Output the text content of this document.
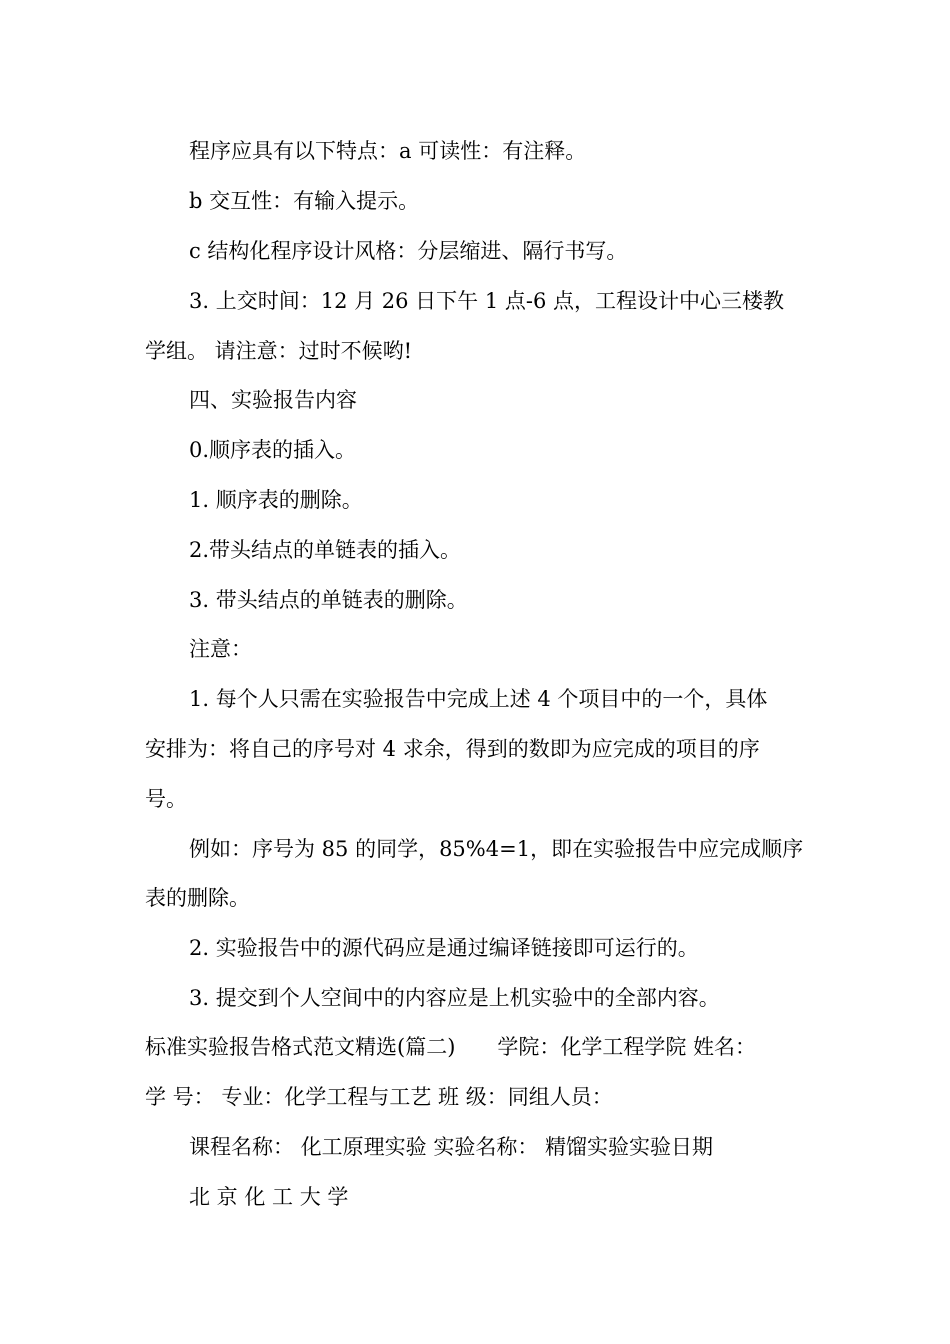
程序应具有以下特点：a 可读性：有注释。
b 交互性：有输入提示。
c 结构化程序设计风格：分层缩进、隔行书写。
3. 上交时间：12 月 26 日下午 1 点-6 点，工程设计中心三楼教
学组。 请注意：过时不候哟!
四、实验报告内容
0.顺序表的插入。
1. 顺序表的删除。
2.带头结点的单链表的插入。
3. 带头结点的单链表的删除。
注意：
1. 每个人只需在实验报告中完成上述 4 个项目中的一个，具体
安排为：将自己的序号对 4 求余，得到的数即为应完成的项目的序
号。
例如：序号为 85 的同学，85%4=1，即在实验报告中应完成顺序
表的删除。
2. 实验报告中的源代码应是通过编译链接即可运行的。
3. 提交到个人空间中的内容应是上机实验中的全部内容。
标准实验报告格式范文精选(篇二)　　学院：化学工程学院 姓名：
学 号： 专业：化学工程与工艺 班 级：同组人员：
课程名称： 化工原理实验 实验名称： 精馏实验实验日期
北 京 化 工 大 学
